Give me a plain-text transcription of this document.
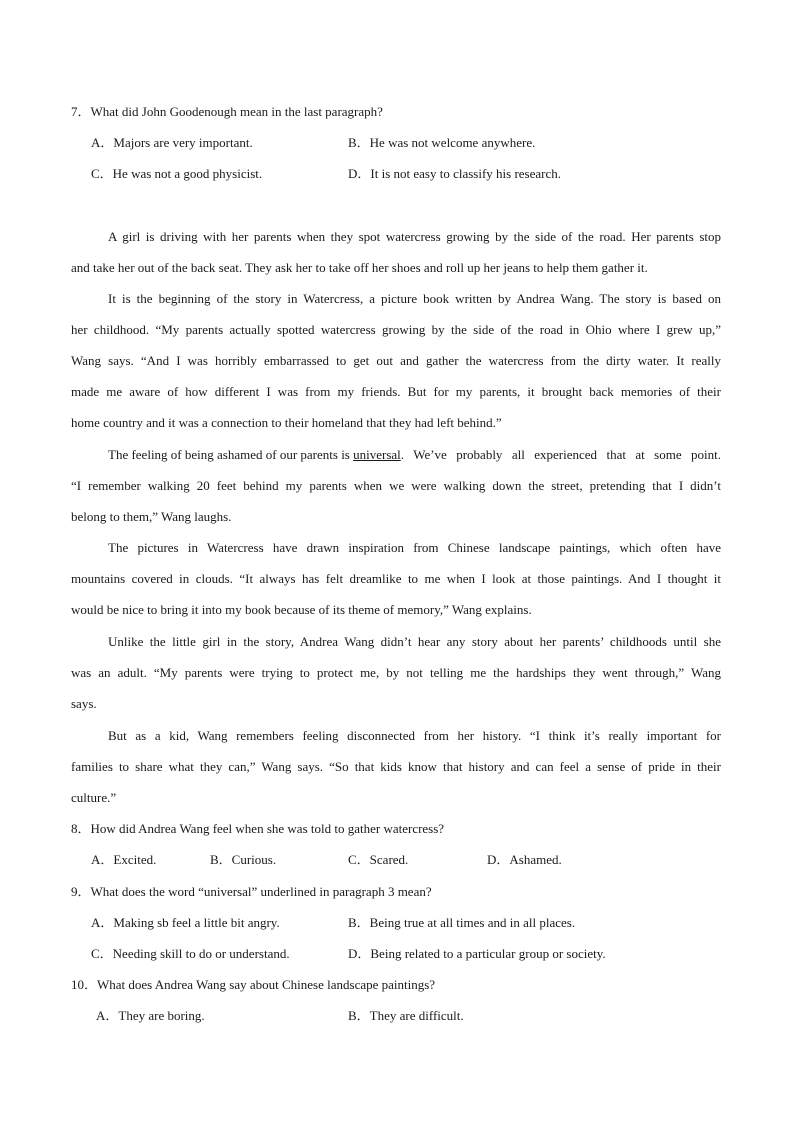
7．What did John Goodenough mean in the last paragraph?
A．Majors are very important.	B．He was not welcome anywhere.
C．He was not a good physicist.	D．It is not easy to classify his research.
A girl is driving with her parents when they spot watercress growing by the side of the road. Her parents stop
and take her out of the back seat. They ask her to take off her shoes and roll up her jeans to help them gather it.
It is the beginning of the story in Watercress, a picture book written by Andrea Wang. The story is based on
her childhood. “My parents actually spotted watercress growing by the side of the road in Ohio where I grew up,”
Wang says. “And I was horribly embarrassed to get out and gather the watercress from the dirty water. It really
made me aware of how different I was from my friends. But for my parents, it brought back memories of their
home country and it was a connection to their homeland that they had left behind.”
The feeling of being ashamed of our parents is universal . We’ve probably all experienced that at some point.
“I remember walking 20 feet behind my parents when we were walking down the street, pretending that I didn’t
belong to them,” Wang laughs.
The pictures in Watercress have drawn inspiration from Chinese landscape paintings, which often have
mountains covered in clouds. “It always has felt dreamlike to me when I look at those paintings. And I thought it
would be nice to bring it into my book because of its theme of memory,” Wang explains.
Unlike the little girl in the story, Andrea Wang didn’t hear any story about her parents’ childhoods until she
was an adult. “My parents were trying to protect me, by not telling me the hardships they went through,” Wang
says.
But as a kid, Wang remembers feeling disconnected from her history. “I think it’s really important for
families to share what they can,” Wang says. “So that kids know that history and can feel a sense of pride in their
culture.”
8．How did Andrea Wang feel when she was told to gather watercress?
A．Excited.	B．Curious.	C．Scared.	D．Ashamed.
9．What does the word “universal” underlined in paragraph 3 mean?
A．Making sb feel a little bit angry.	B．Being true at all times and in all places.
C．Needing skill to do or understand.	D．Being related to a particular group or society.
10．What does Andrea Wang say about Chinese landscape paintings?
A．They are boring.	B．They are difficult.
